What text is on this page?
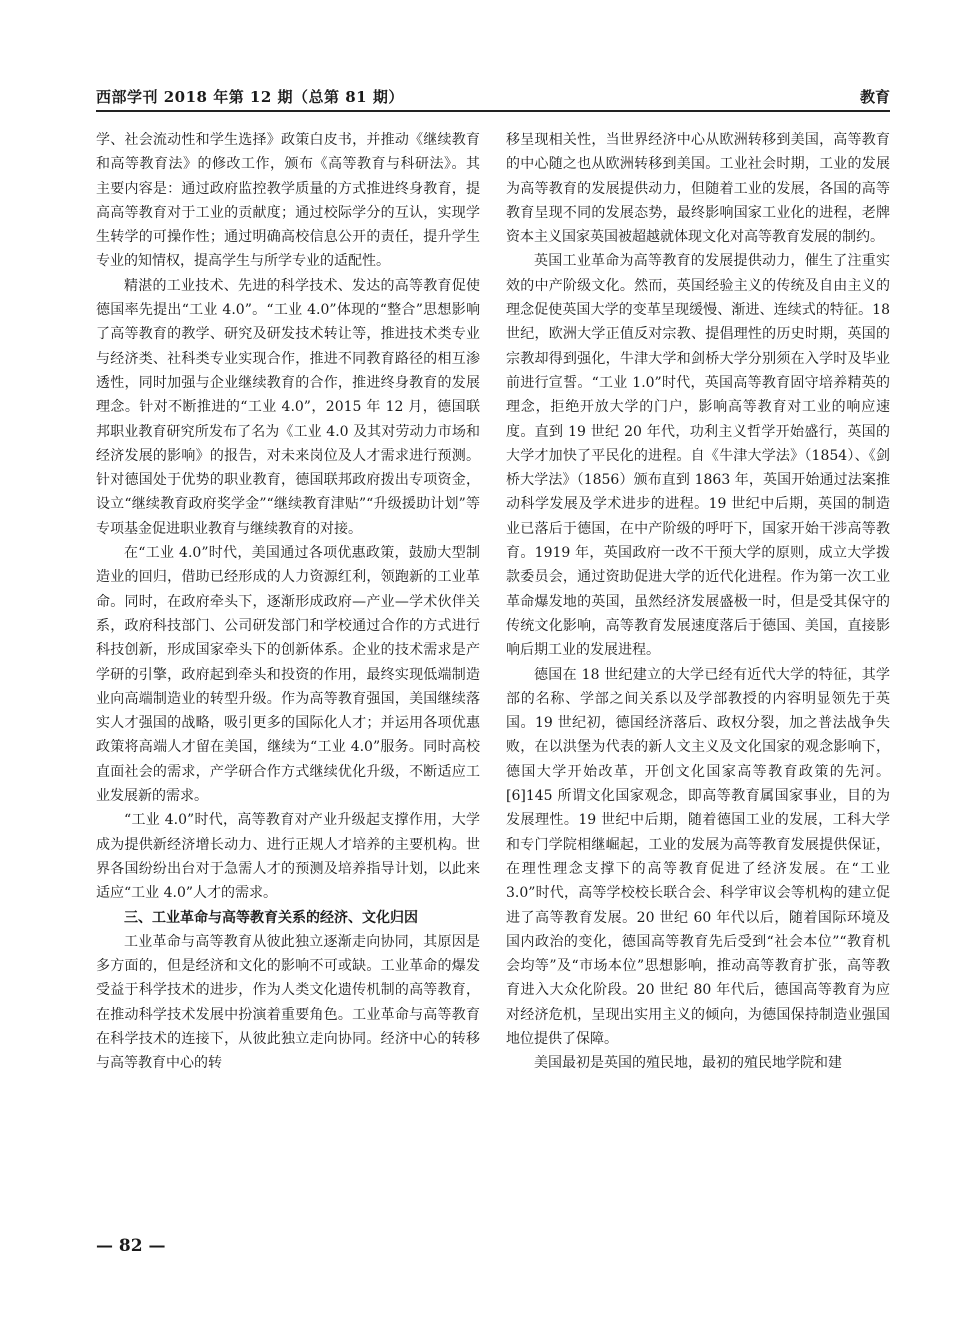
西部学刊 2018 年第 12 期（总第 81 期）	教育

学、社会流动性和学生选择》政策白皮书，并推动《继续教育和高等教育法》的修改工作，颁布《高等教育与科研法》。其主要内容是：通过政府监控教学质量的方式推进终身教育，提高高等教育对于工业的贡献度；通过校际学分的互认，实现学生转学的可操作性；通过明确高校信息公开的责任，提升学生专业的知情权，提高学生与所学专业的适配性。

精湛的工业技术、先进的科学技术、发达的高等教育促使德国率先提出“工业 4.0”。“工业 4.0”体现的“整合”思想影响了高等教育的教学、研究及研发技术转让等，推进技术类专业与经济类、社科类专业实现合作，推进不同教育路径的相互渗透性，同时加强与企业继续教育的合作，推进终身教育的发展理念。针对不断推进的“工业 4.0”，2015 年 12 月，德国联邦职业教育研究所发布了名为《工业 4.0 及其对劳动力市场和经济发展的影响》的报告，对未来岗位及人才需求进行预测。针对德国处于优势的职业教育，德国联邦政府拨出专项资金，设立“继续教育政府奖学金”“继续教育津贴”“升级援助计划”等专项基金促进职业教育与继续教育的对接。

在“工业 4.0”时代，美国通过各项优惠政策，鼓励大型制造业的回归，借助已经形成的人力资源红利，领跑新的工业革命。同时，在政府牵头下，逐渐形成政府—产业—学术伙伴关系，政府科技部门、公司研发部门和学校通过合作的方式进行科技创新，形成国家牵头下的创新体系。企业的技术需求是产学研的引擎，政府起到牵头和投资的作用，最终实现低端制造业向高端制造业的转型升级。作为高等教育强国，美国继续落实人才强国的战略，吸引更多的国际化人才；并运用各项优惠政策将高端人才留在美国，继续为“工业 4.0”服务。同时高校直面社会的需求，产学研合作方式继续优化升级，不断适应工业发展新的需求。

“工业 4.0”时代，高等教育对产业升级起支撑作用，大学成为提供新经济增长动力、进行正规人才培养的主要机构。世界各国纷纷出台对于急需人才的预测及培养指导计划，以此来适应“工业 4.0”人才的需求。

三、工业革命与高等教育关系的经济、文化归因

工业革命与高等教育从彼此独立逐渐走向协同，其原因是多方面的，但是经济和文化的影响不可或缺。工业革命的爆发受益于科学技术的进步，作为人类文化遗传机制的高等教育，在推动科学技术发展中扮演着重要角色。工业革命与高等教育在科学技术的连接下，从彼此独立走向协同。经济中心的转移与高等教育中心的转

移呈现相关性，当世界经济中心从欧洲转移到美国，高等教育的中心随之也从欧洲转移到美国。工业社会时期，工业的发展为高等教育的发展提供动力，但随着工业的发展，各国的高等教育呈现不同的发展态势，最终影响国家工业化的进程，老牌资本主义国家英国被超越就体现文化对高等教育发展的制约。

英国工业革命为高等教育的发展提供动力，催生了注重实效的中产阶级文化。然而，英国经验主义的传统及自由主义的理念促使英国大学的变革呈现缓慢、渐进、连续式的特征。18 世纪，欧洲大学正值反对宗教、提倡理性的历史时期，英国的宗教却得到强化，牛津大学和剑桥大学分别须在入学时及毕业前进行宣誓。“工业 1.0”时代，英国高等教育固守培养精英的理念，拒绝开放大学的门户，影响高等教育对工业的响应速度。直到 19 世纪 20 年代，功利主义哲学开始盛行，英国的大学才加快了平民化的进程。自《牛津大学法》（1854）、《剑桥大学法》（1856）颁布直到 1863 年，英国开始通过法案推动科学发展及学术进步的进程。19 世纪中后期，英国的制造业已落后于德国，在中产阶级的呼吁下，国家开始干涉高等教育。1919 年，英国政府一改不干预大学的原则，成立大学拨款委员会，通过资助促进大学的近代化进程。作为第一次工业革命爆发地的英国，虽然经济发展盛极一时，但是受其保守的传统文化影响，高等教育发展速度落后于德国、美国，直接影响后期工业的发展进程。

德国在 18 世纪建立的大学已经有近代大学的特征，其学部的名称、学部之间关系以及学部教授的内容明显领先于英国。19 世纪初，德国经济落后、政权分裂，加之普法战争失败，在以洪堡为代表的新人文主义及文化国家的观念影响下，德国大学开始改革，开创文化国家高等教育政策的先河。[6]145 所谓文化国家观念，即高等教育属国家事业，目的为发展理性。19 世纪中后期，随着德国工业的发展，工科大学和专门学院相继崛起，工业的发展为高等教育发展提供保证，在理性理念支撑下的高等教育促进了经济发展。在“工业 3.0”时代，高等学校校长联合会、科学审议会等机构的建立促进了高等教育发展。20 世纪 60 年代以后，随着国际环境及国内政治的变化，德国高等教育先后受到“社会本位”“教育机会均等”及“市场本位”思想影响，推动高等教育扩张，高等教育进入大众化阶段。20 世纪 80 年代后，德国高等教育为应对经济危机，呈现出实用主义的倾向，为德国保持制造业强国地位提供了保障。

美国最初是英国的殖民地，最初的殖民地学院和建

— 82 —
